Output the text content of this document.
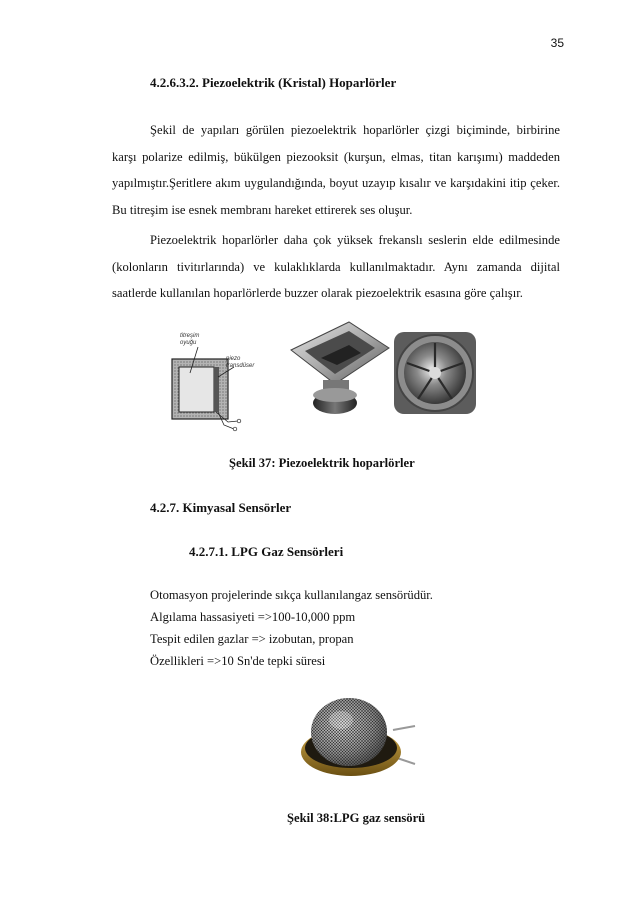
35
4.2.6.3.2. Piezoelektrik (Kristal) Hoparlörler

Şekil de yapıları görülen piezoelektrik hoparlörler çizgi biçiminde, birbirine karşı polarize edilmiş, bükülgen piezooksit (kurşun, elmas, titan karışımı) maddeden yapılmıştır.Şeritlere akım uygulandığında, boyut uzayıp kısalır ve karşıdakini itip çeker. Bu titreşim ise esnek membranı hareket ettirerek ses oluşur.

Piezoelektrik hoparlörler daha çok yüksek frekanslı seslerin elde edilmesinde (kolonların tivitırlarında) ve kulaklıklarda kullanılmaktadır. Aynı zamanda dijital saatlerde kullanılan hoparlörlerde buzzer olarak piezoelektrik esasına göre çalışır.

titreşim
oyuğu
piezo
transdüser
Şekil 37: Piezoelektrik hoparlörler
4.2.7. Kimyasal Sensörler
4.2.7.1. LPG Gaz Sensörleri
Otomasyon projelerinde sıkça kullanılangaz sensörüdür.
Algılama hassasiyeti =>100-10,000 ppm
Tespit edilen gazlar => izobutan, propan
Özellikleri =>10 Sn'de tepki süresi
Şekil 38:LPG gaz sensörü
